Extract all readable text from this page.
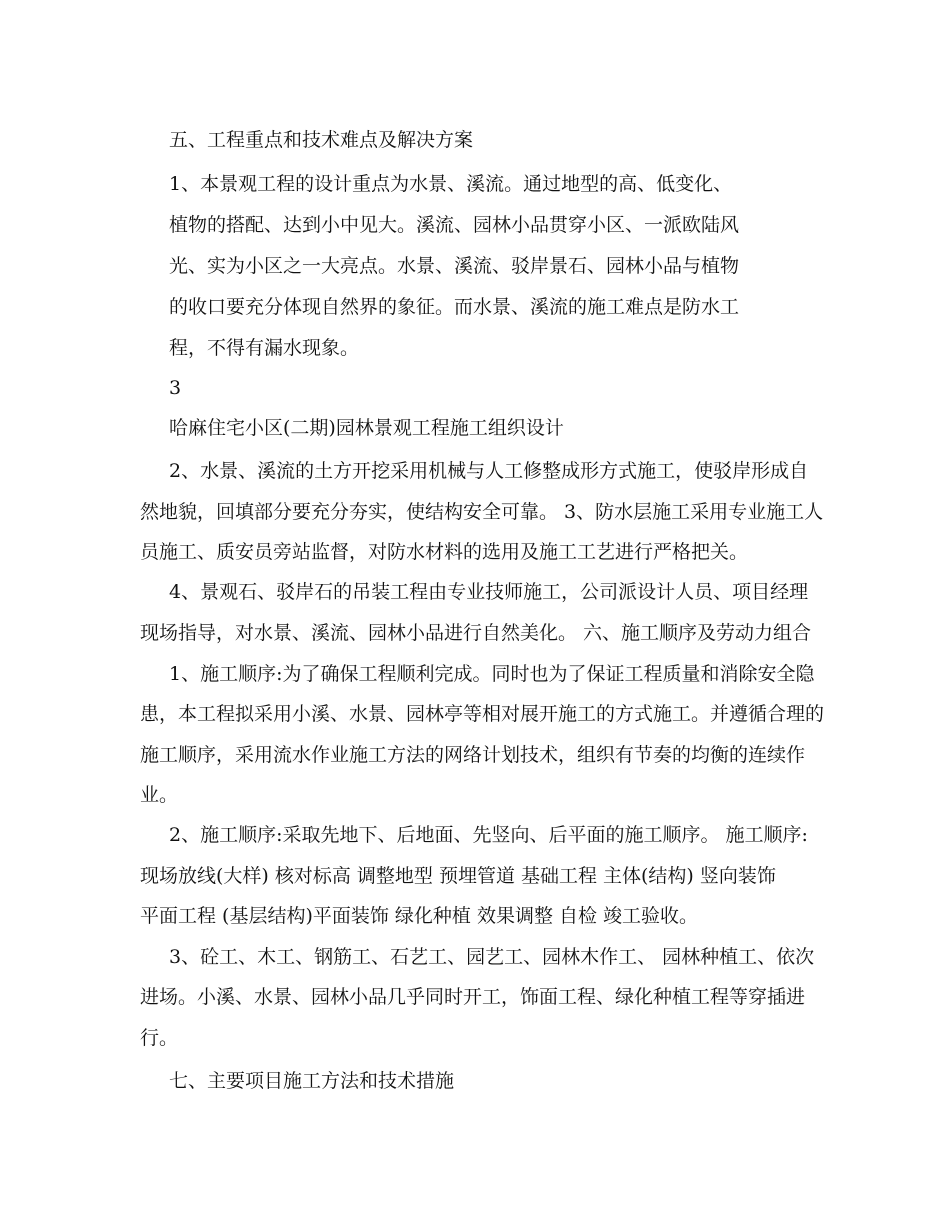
五、工程重点和技术难点及解决方案
1、本景观工程的设计重点为水景、溪流。通过地型的高、低变化、
植物的搭配、达到小中见大。溪流、园林小品贯穿小区、一派欧陆风
光、实为小区之一大亮点。水景、溪流、驳岸景石、园林小品与植物
的收口要充分体现自然界的象征。而水景、溪流的施工难点是防水工
程，不得有漏水现象。
3
哈麻住宅小区(二期)园林景观工程施工组织设计
2、水景、溪流的土方开挖采用机械与人工修整成形方式施工，使驳岸形成自
然地貌，回填部分要充分夯实，使结构安全可靠。 3、防水层施工采用专业施工人
员施工、质安员旁站监督，对防水材料的选用及施工工艺进行严格把关。
4、景观石、驳岸石的吊装工程由专业技师施工，公司派设计人员、项目经理
现场指导，对水景、溪流、园林小品进行自然美化。 六、施工顺序及劳动力组合
1、施工顺序:为了确保工程顺利完成。同时也为了保证工程质量和消除安全隐
患，本工程拟采用小溪、水景、园林亭等相对展开施工的方式施工。并遵循合理的
施工顺序，采用流水作业施工方法的网络计划技术，组织有节奏的均衡的连续作
业。
2、施工顺序:采取先地下、后地面、先竖向、后平面的施工顺序。 施工顺序:
现场放线(大样) 核对标高 调整地型 预埋管道 基础工程 主体(结构) 竖向装饰
平面工程 (基层结构)平面装饰 绿化种植 效果调整 自检 竣工验收。
3、砼工、木工、钢筋工、石艺工、园艺工、园林木作工、 园林种植工、依次
进场。小溪、水景、园林小品几乎同时开工，饰面工程、绿化种植工程等穿插进
行。
七、主要项目施工方法和技术措施
